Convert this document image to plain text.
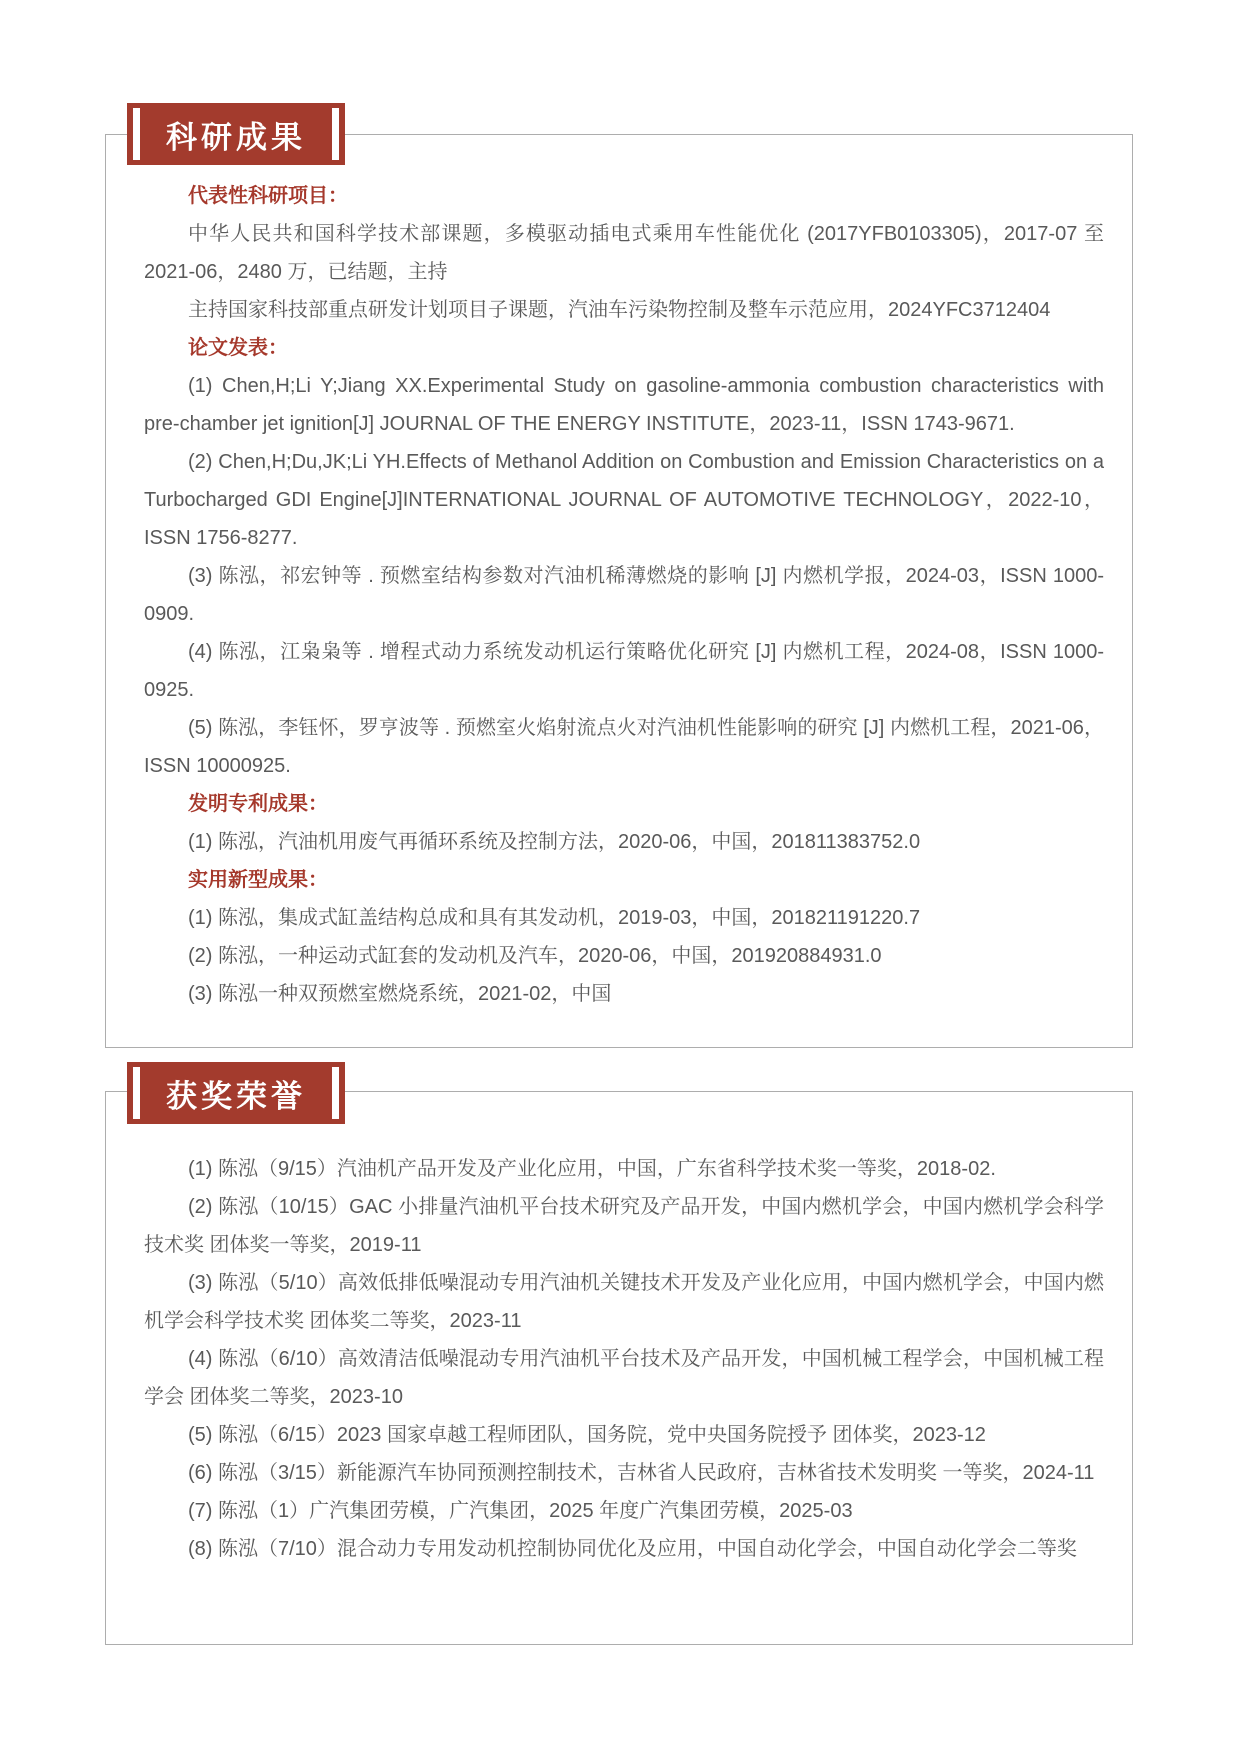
科研成果

代表性科研项目：

中华人民共和国科学技术部课题，多模驱动插电式乘用车性能优化 (2017YFB0103305)，2017-07 至 2021-06，2480 万，已结题，主持

主持国家科技部重点研发计划项目子课题，汽油车污染物控制及整车示范应用，2024YFC3712404

论文发表：

(1) Chen,H;Li Y;Jiang XX.Experimental Study on gasoline-ammonia combustion characteristics with pre-chamber jet ignition[J] JOURNAL OF THE ENERGY INSTITUTE，2023-11，ISSN 1743-9671.

(2) Chen,H;Du,JK;Li YH.Effects of Methanol Addition on Combustion and Emission Characteristics on a Turbocharged GDI Engine[J]INTERNATIONAL JOURNAL OF AUTOMOTIVE TECHNOLOGY，2022-10，ISSN 1756-8277.

(3) 陈泓，祁宏钟等 . 预燃室结构参数对汽油机稀薄燃烧的影响 [J] 内燃机学报，2024-03，ISSN 1000-0909.

(4) 陈泓，江枭枭等 . 增程式动力系统发动机运行策略优化研究 [J] 内燃机工程，2024-08，ISSN 1000-0925.

(5) 陈泓，李钰怀，罗亨波等 . 预燃室火焰射流点火对汽油机性能影响的研究 [J] 内燃机工程，2021-06，ISSN 10000925.

发明专利成果：

(1) 陈泓，汽油机用废气再循环系统及控制方法，2020-06，中国，201811383752.0

实用新型成果：

(1) 陈泓，集成式缸盖结构总成和具有其发动机，2019-03，中国，201821191220.7

(2) 陈泓，一种运动式缸套的发动机及汽车，2020-06，中国，201920884931.0

(3) 陈泓一种双预燃室燃烧系统，2021-02，中国

获奖荣誉

(1) 陈泓（9/15）汽油机产品开发及产业化应用，中国，广东省科学技术奖一等奖，2018-02.

(2) 陈泓（10/15）GAC 小排量汽油机平台技术研究及产品开发，中国内燃机学会，中国内燃机学会科学技术奖 团体奖一等奖，2019-11

(3) 陈泓（5/10）高效低排低噪混动专用汽油机关键技术开发及产业化应用，中国内燃机学会，中国内燃机学会科学技术奖 团体奖二等奖，2023-11

(4) 陈泓（6/10）高效清洁低噪混动专用汽油机平台技术及产品开发，中国机械工程学会，中国机械工程学会 团体奖二等奖，2023-10

(5) 陈泓（6/15）2023 国家卓越工程师团队，国务院，党中央国务院授予 团体奖，2023-12

(6) 陈泓（3/15）新能源汽车协同预测控制技术，吉林省人民政府，吉林省技术发明奖 一等奖，2024-11

(7) 陈泓（1）广汽集团劳模，广汽集团，2025 年度广汽集团劳模，2025-03

(8) 陈泓（7/10）混合动力专用发动机控制协同优化及应用，中国自动化学会，中国自动化学会二等奖
